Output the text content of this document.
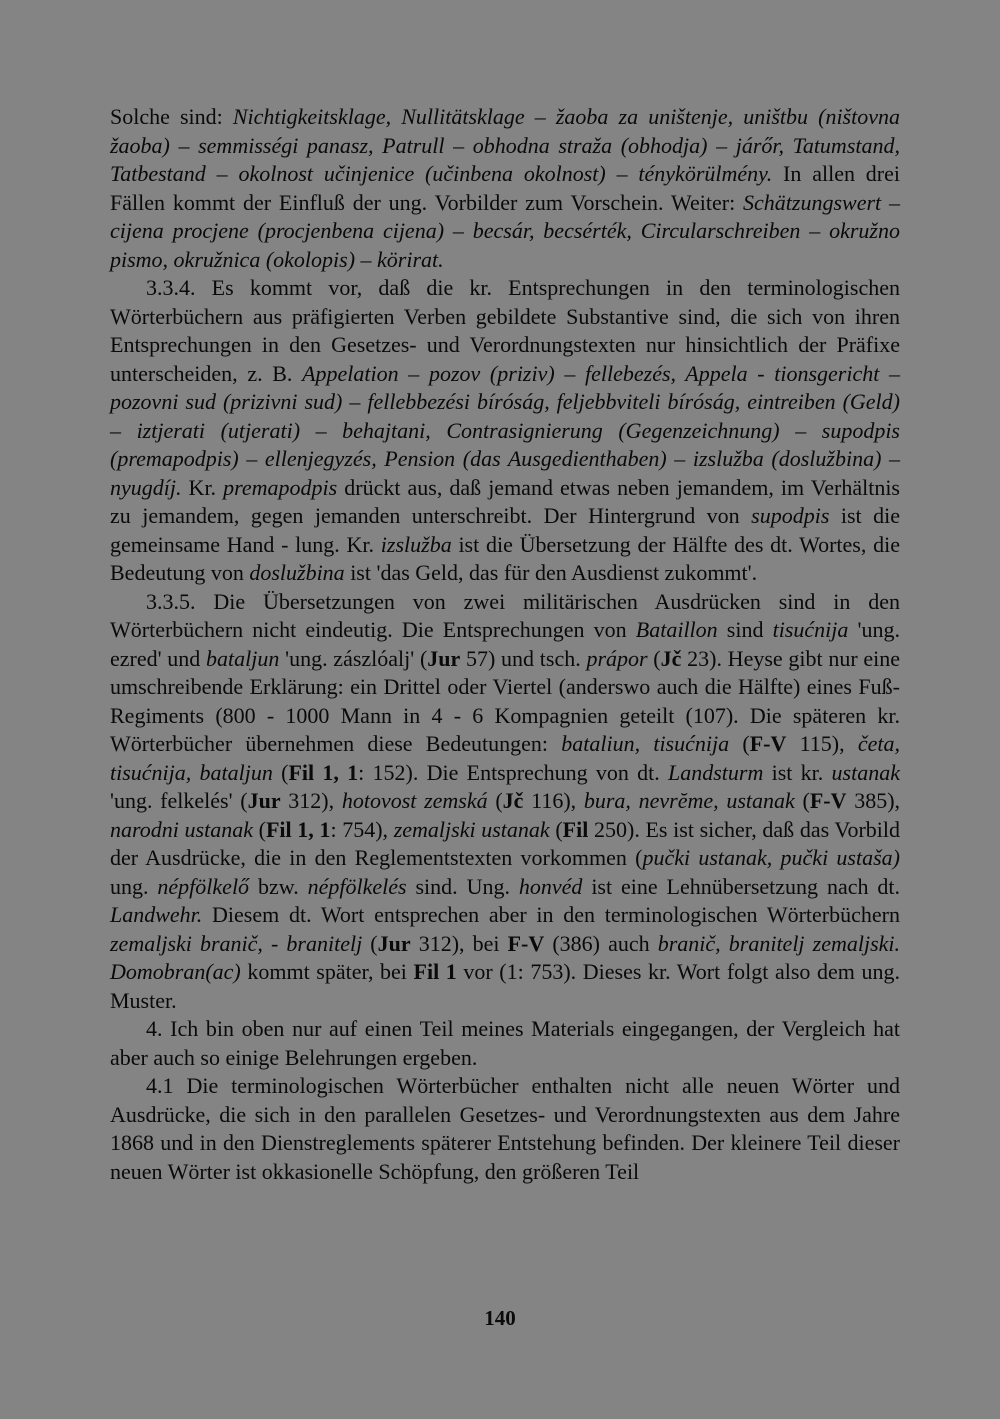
Solche sind: Nichtigkeitsklage, Nullitätsklage – žaoba za uništenje, uništbu (ništovna žaoba) – semmisségi panasz, Patrull – obhodna straža (obhodja) – járőr, Tatumstand, Tatbestand – okolnost učinjenice (učinbena okolnost) – ténykörülmény. In allen drei Fällen kommt der Einfluß der ung. Vorbilder zum Vorschein. Weiter: Schätzungswert – cijena procjene (procjenbena cijena) – becsár, becsérték, Circularschreiben – okružno pismo, okružnica (okolopis) – körirat.

3.3.4. Es kommt vor, daß die kr. Entsprechungen in den terminologischen Wörterbüchern aus präfigierten Verben gebildete Substantive sind, die sich von ihren Entsprechungen in den Gesetzes- und Verordnungstexten nur hinsichtlich der Präfixe unterscheiden, z. B. Appelation – pozov (priziv) – fellebezés, Appela - tionsgericht – pozovni sud (prizivni sud) – fellebbezési bíróság, feljebbviteli bíróság, eintreiben (Geld) – iztjerati (utjerati) – behajtani, Contrasignierung (Gegenzeichnung) – supodpis (premapodpis) – ellenjegyzés, Pension (das Ausgedienthaben) – izslužba (doslužbina) – nyugdíj. Kr. premapodpis drückt aus, daß jemand etwas neben jemandem, im Verhältnis zu jemandem, gegen jemanden unterschreibt. Der Hintergrund von supodpis ist die gemeinsame Hand - lung. Kr. izslužba ist die Übersetzung der Hälfte des dt. Wortes, die Bedeutung von doslužbina ist 'das Geld, das für den Ausdienst zukommt'.

3.3.5. Die Übersetzungen von zwei militärischen Ausdrücken sind in den Wörterbüchern nicht eindeutig. Die Entsprechungen von Bataillon sind tisućnija 'ung. ezred' und bataljun 'ung. zászlóalj' (Jur 57) und tsch. prápor (Jč 23). Heyse gibt nur eine umschreibende Erklärung: ein Drittel oder Viertel (anderswo auch die Hälfte) eines Fuß-Regiments (800 - 1000 Mann in 4 - 6 Kompagnien geteilt (107). Die späteren kr. Wörterbücher übernehmen diese Bedeutungen: bataliun, tisućnija (F-V 115), četa, tisućnija, bataljun (Fil 1, 1: 152). Die Entsprechung von dt. Landsturm ist kr. ustanak 'ung. felkelés' (Jur 312), hotovost zemská (Jč 116), bura, nevrĕme, ustanak (F-V 385), narodni ustanak (Fil 1, 1: 754), zemaljski ustanak (Fil 250). Es ist sicher, daß das Vorbild der Ausdrücke, die in den Reglementstexten vorkommen (pučki ustanak, pučki ustaša) ung. népfölkelő bzw. népfölkelés sind. Ung. honvéd ist eine Lehnübersetzung nach dt. Landwehr. Diesem dt. Wort entsprechen aber in den terminologischen Wörterbüchern zemaljski branič, - branitelj (Jur 312), bei F-V (386) auch branič, branitelj zemaljski. Domobran(ac) kommt später, bei Fil 1 vor (1: 753). Dieses kr. Wort folgt also dem ung. Muster.

4. Ich bin oben nur auf einen Teil meines Materials eingegangen, der Vergleich hat aber auch so einige Belehrungen ergeben.

4.1 Die terminologischen Wörterbücher enthalten nicht alle neuen Wörter und Ausdrücke, die sich in den parallelen Gesetzes- und Verordnungstexten aus dem Jahre 1868 und in den Dienstreglements späterer Entstehung befinden. Der kleinere Teil dieser neuen Wörter ist okkasionelle Schöpfung, den größeren Teil

140
